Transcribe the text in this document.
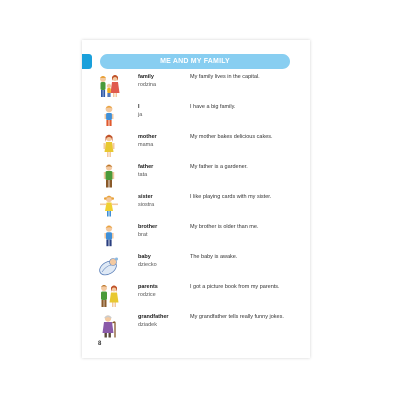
ME AND MY FAMILY
family
rodzina
My family lives in the capital.
I
ja
I have a big family.
mother
mama
My mother bakes delicious cakes.
father
tata
My father is a gardener.
sister
siostra
I like playing cards with my sister.
brother
brat
My brother is older than me.
baby
dziecko
The baby is awake.
parents
rodzice
I got a picture book from my parents.
grandfather
dziadek
My grandfather tells really funny jokes.
8
